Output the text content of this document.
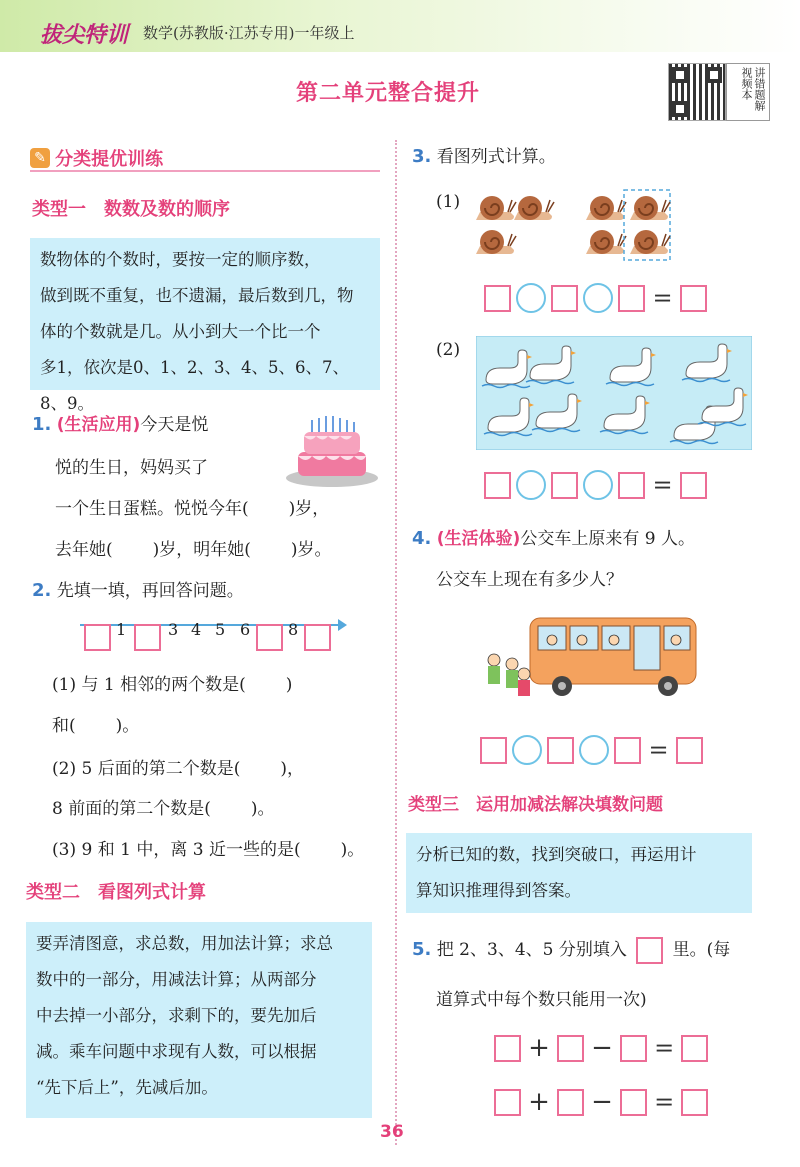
拔尖特训 数学(苏教版·江苏专用)一年级上
第二单元整合提升	讲错题解视频本
✎ 分类提优训练
类型一　数数及数的顺序
数物体的个数时，要按一定的顺序数，
做到既不重复，也不遗漏，最后数到几，物
体的个数就是几。从小到大一个比一个
多1，依次是0、1、2、3、4、5、6、7、8、9。
1. (生活应用)今天是悦
悦的生日，妈妈买了
一个生日蛋糕。悦悦今年( )岁，
去年她( )岁，明年她( )岁。
2. 先填一填，再回答问题。
1	3 4 5 6 8
(1) 与 1 相邻的两个数是( )
和( )。
(2) 5 后面的第二个数是( )，
8 前面的第二个数是( )。
(3) 9 和 1 中，离 3 近一些的是( )。
类型二　看图列式计算
要弄清图意，求总数，用加法计算；求总
数中的一部分，用减法计算；从两部分
中去掉一小部分，求剩下的，要先加后
减。乘车问题中求现有人数，可以根据
“先下后上”，先减后加。
3. 看图列式计算。
(1)
=
(2)
=
4. (生活体验)公交车上原来有 9 人。
公交车上现在有多少人？
=
类型三　运用加减法解决填数问题
分析已知的数，找到突破口，再运用计
算知识推理得到答案。
5. 把 2、3、4、5 分别填入	里。(每
道算式中每个数只能用一次)
+ − =
+ − =
36
